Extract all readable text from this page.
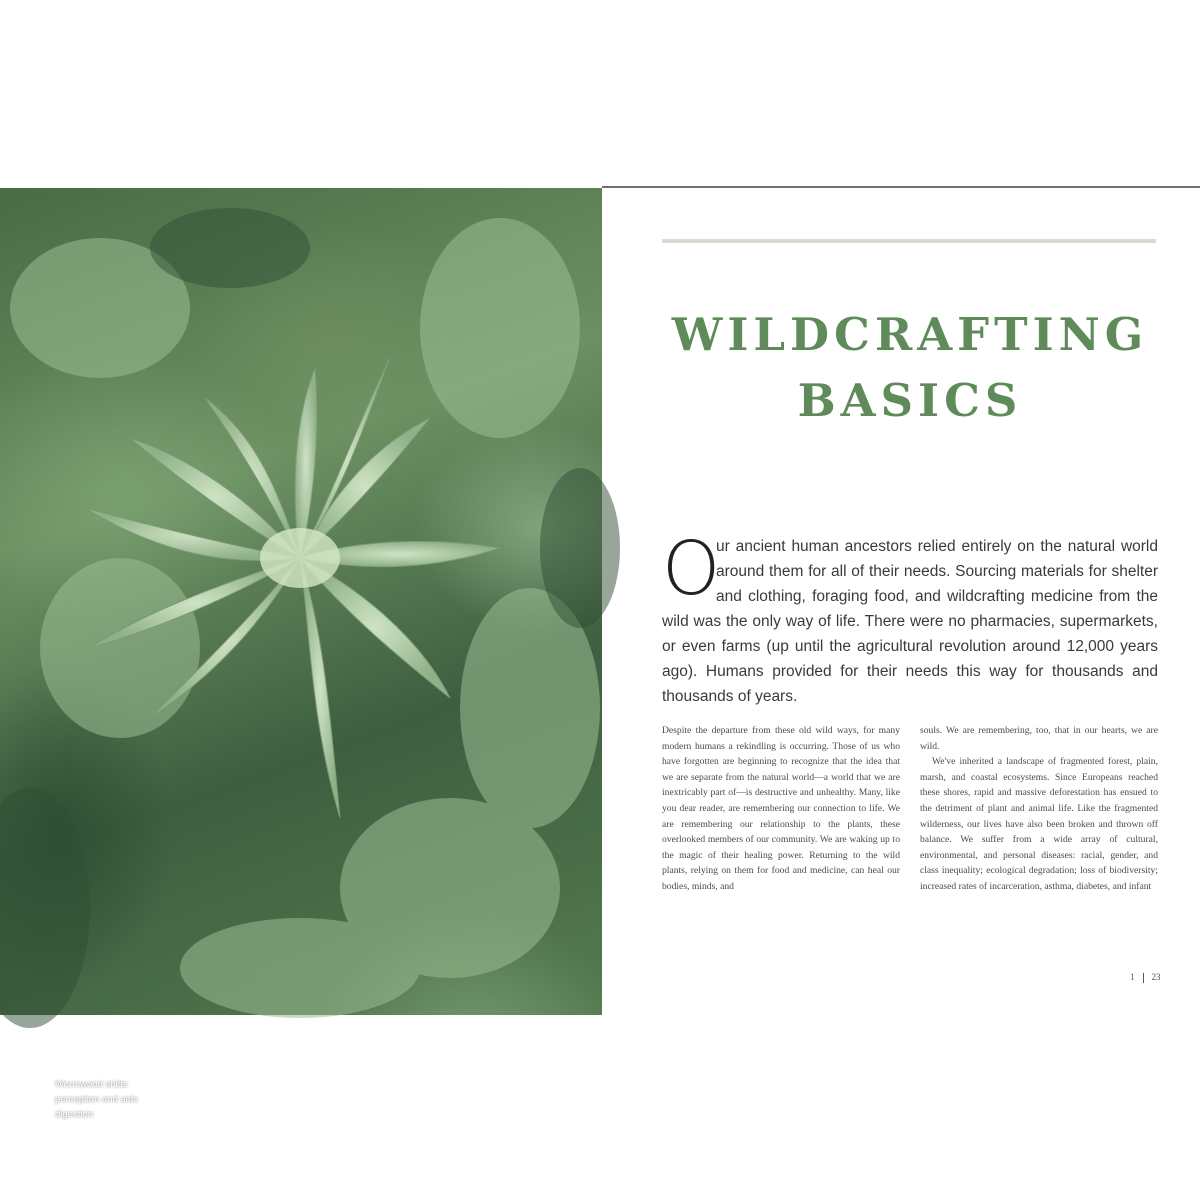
Wormwood shifts perception and aids digestion
WILDCRAFTING
BASICS
O

ur ancient human ancestors relied entirely on the natural world around them for all of their needs. Sourcing materials for shelter and clothing, foraging food, and wildcrafting medicine from the wild was the only way of life. There were no pharmacies, supermarkets, or even farms (up until the agricultural revolution around 12,000 years ago). Humans provided for their needs this way for thousands and thousands of years.

Despite the departure from these old wild ways, for many modern humans a rekindling is occurring. Those of us who have forgotten are beginning to recognize that the idea that we are separate from the natural world—a world that we are inextricably part of—is destructive and unhealthy. Many, like you dear reader, are remembering our connection to life. We are remembering our relationship to the plants, these overlooked members of our community. We are waking up to the magic of their healing power. Returning to the wild plants, relying on them for food and medicine, can heal our bodies, minds, and

souls. We are remembering, too, that in our hearts, we are wild.

We've inherited a landscape of fragmented forest, plain, marsh, and coastal ecosystems. Since Europeans reached these shores, rapid and massive deforestation has ensued to the detriment of plant and animal life. Like the fragmented wilderness, our lives have also been broken and thrown off balance. We suffer from a wide array of cultural, environmental, and personal diseases: racial, gender, and class inequality; ecological degradation; loss of biodiversity; increased rates of incarceration, asthma, diabetes, and infant

1 23
